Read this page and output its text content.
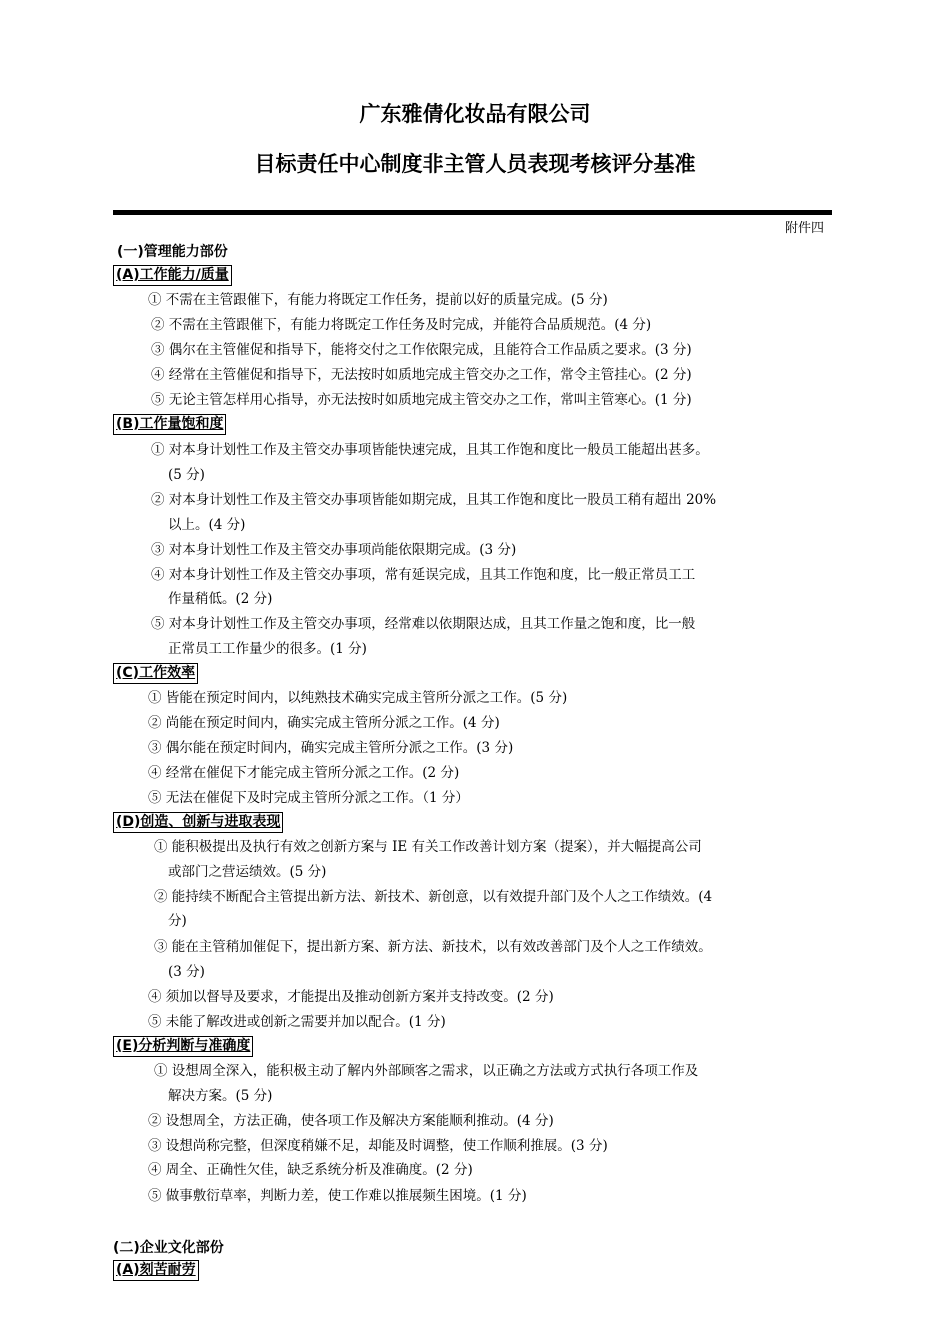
广东雅倩化妆品有限公司
目标责任中心制度非主管人员表现考核评分基准
附件四
(一)管理能力部份
(A)工作能力/质量
① 不需在主管跟催下，有能力将既定工作任务，提前以好的质量完成。(5 分)
② 不需在主管跟催下，有能力将既定工作任务及时完成，并能符合品质规范。(4 分)
③ 偶尔在主管催促和指导下，能将交付之工作依限完成，且能符合工作品质之要求。(3 分)
④ 经常在主管催促和指导下，无法按时如质地完成主管交办之工作，常令主管挂心。(2 分)
⑤ 无论主管怎样用心指导，亦无法按时如质地完成主管交办之工作，常叫主管寒心。(1 分)
(B)工作量饱和度
① 对本身计划性工作及主管交办事项皆能快速完成，且其工作饱和度比一般员工能超出甚多。
(5 分)
② 对本身计划性工作及主管交办事项皆能如期完成，且其工作饱和度比一股员工稍有超出 20%
以上。(4 分)
③ 对本身计划性工作及主管交办事项尚能依限期完成。(3 分)
④ 对本身计划性工作及主管交办事项，常有延误完成，且其工作饱和度，比一般正常员工工
作量稍低。(2 分)
⑤ 对本身计划性工作及主管交办事项，经常难以依期限达成，且其工作量之饱和度，比一般
正常员工工作量少的很多。(1 分)
(C)工作效率
① 皆能在预定时间内，以纯熟技术确实完成主管所分派之工作。(5 分)
② 尚能在预定时间内，确实完成主管所分派之工作。(4 分)
③ 偶尔能在预定时间内，确实完成主管所分派之工作。(3 分)
④ 经常在催促下才能完成主管所分派之工作。(2 分)
⑤ 无法在催促下及时完成主管所分派之工作。（1 分）
(D)创造、创新与进取表现
① 能积极提出及执行有效之创新方案与 IE 有关工作改善计划方案（提案），并大幅提高公司
或部门之营运绩效。(5 分)
② 能持续不断配合主管提出新方法、新技术、新创意，以有效提升部门及个人之工作绩效。(4
分)
③ 能在主管稍加催促下，提出新方案、新方法、新技术，以有效改善部门及个人之工作绩效。
(3 分)
④ 须加以督导及要求，才能提出及推动创新方案并支持改变。(2 分)
⑤ 未能了解改进或创新之需要并加以配合。(1 分)
(E)分析判断与准确度
① 设想周全深入，能积极主动了解内外部顾客之需求，以正确之方法或方式执行各项工作及
解决方案。(5 分)
② 设想周全，方法正确，使各项工作及解决方案能顺利推动。(4 分)
③ 设想尚称完整，但深度稍嫌不足，却能及时调整，使工作顺利推展。(3 分)
④ 周全、正确性欠佳，缺乏系统分析及准确度。(2 分)
⑤ 做事敷衍草率，判断力差，使工作难以推展频生困境。(1 分)
(二)企业文化部份
(A)刻苦耐劳
